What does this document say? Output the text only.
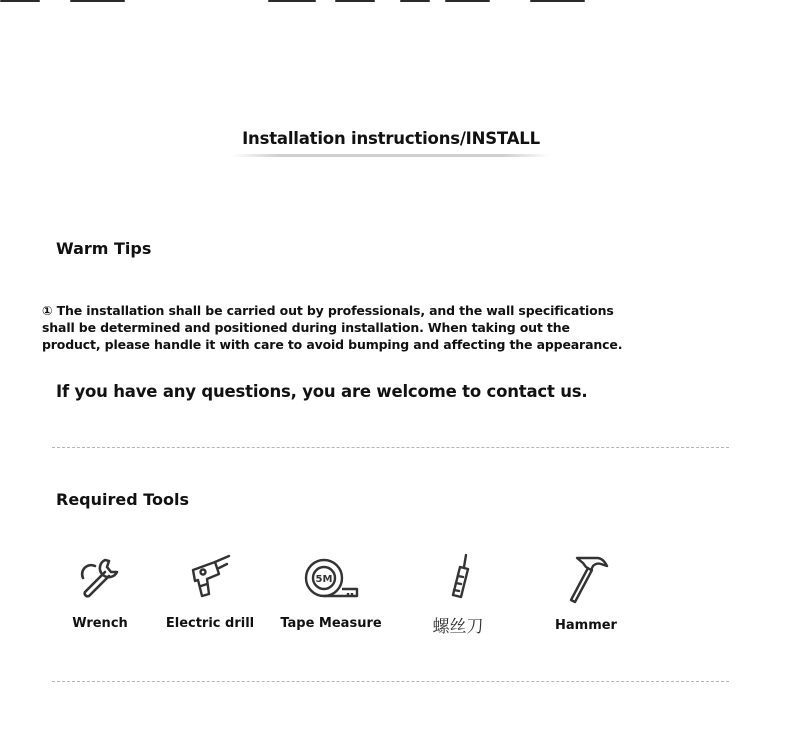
Installation instructions/INSTALL
Warm Tips
① The installation shall be carried out by professionals, and the wall specifications
shall be determined and positioned during installation. When taking out the
product, please handle it with care to avoid bumping and affecting the appearance.
If you have any questions, you are welcome to contact us.
Required Tools
Wrench	Electric drill
5M
Tape Measure	螺丝刀	Hammer
